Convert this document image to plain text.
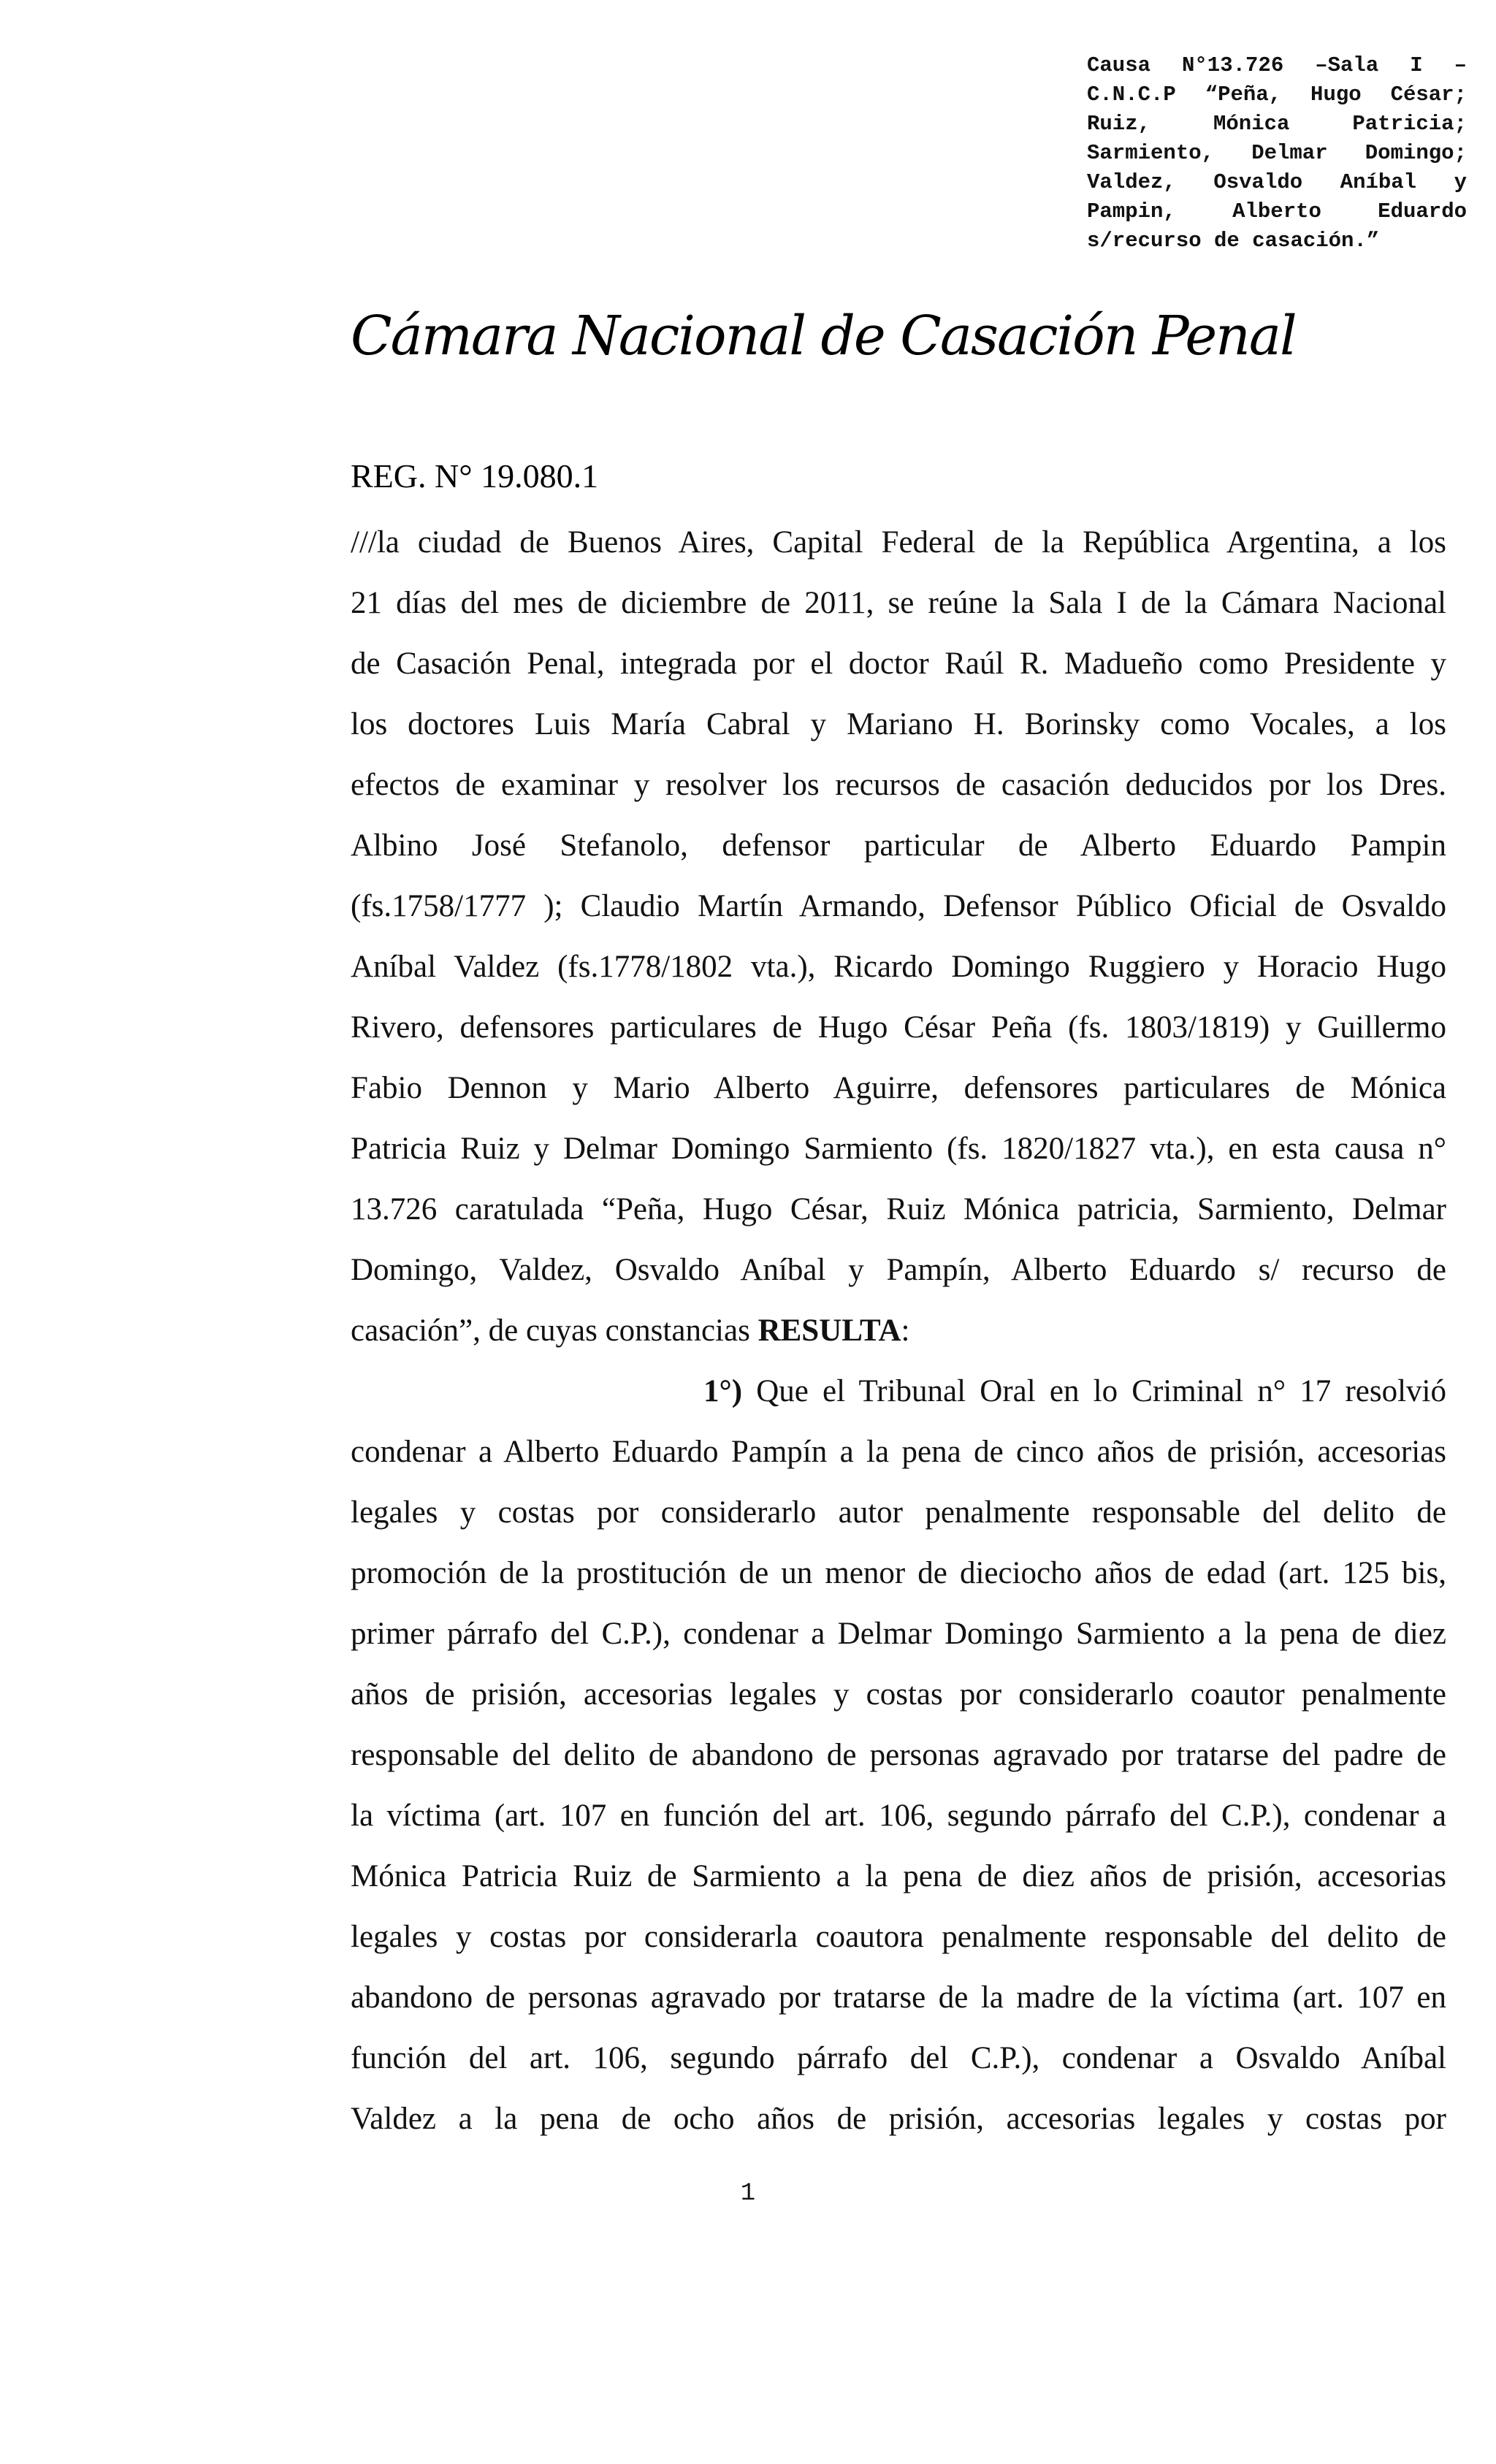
Causa N°13.726 –Sala I –
C.N.C.P “Peña, Hugo César;
Ruiz, Mónica Patricia;
Sarmiento, Delmar Domingo;
Valdez, Osvaldo Aníbal y
Pampin, Alberto Eduardo
s/recurso de casación.”
Cámara Nacional de Casación Penal
REG. N° 19.080.1
///la ciudad de Buenos Aires, Capital Federal de la República Argentina, a los
21 días del mes de diciembre de 2011, se reúne la Sala I de la Cámara Nacional
de Casación Penal, integrada por el doctor Raúl R. Madueño como Presidente y
los doctores Luis María Cabral y Mariano H. Borinsky como Vocales, a los
efectos de examinar y resolver los recursos de casación deducidos por los Dres.
Albino José Stefanolo, defensor particular de Alberto Eduardo Pampin
(fs.1758/1777 ); Claudio Martín Armando, Defensor Público Oficial de Osvaldo
Aníbal Valdez (fs.1778/1802 vta.), Ricardo Domingo Ruggiero y Horacio Hugo
Rivero, defensores particulares de Hugo César Peña (fs. 1803/1819) y Guillermo
Fabio Dennon y Mario Alberto Aguirre, defensores particulares de Mónica
Patricia Ruiz y Delmar Domingo Sarmiento (fs. 1820/1827 vta.), en esta causa n°
13.726 caratulada “Peña, Hugo César, Ruiz Mónica patricia, Sarmiento, Delmar
Domingo, Valdez, Osvaldo Aníbal y Pampín, Alberto Eduardo s/ recurso de
casación”, de cuyas constancias RESULTA:
1°) Que el Tribunal Oral en lo Criminal n° 17 resolvió
condenar a Alberto Eduardo Pampín a la pena de cinco años de prisión, accesorias
legales y costas por considerarlo autor penalmente responsable del delito de
promoción de la prostitución de un menor de dieciocho años de edad (art. 125 bis,
primer párrafo del C.P.), condenar a Delmar Domingo Sarmiento a la pena de diez
años de prisión, accesorias legales y costas por considerarlo coautor penalmente
responsable del delito de abandono de personas agravado por tratarse del padre de
la víctima (art. 107 en función del art. 106, segundo párrafo del C.P.), condenar a
Mónica Patricia Ruiz de Sarmiento a la pena de diez años de prisión, accesorias
legales y costas por considerarla coautora penalmente responsable del delito de
abandono de personas agravado por tratarse de la madre de la víctima (art. 107 en
función del art. 106, segundo párrafo del C.P.), condenar a Osvaldo Aníbal
Valdez a la pena de ocho años de prisión, accesorias legales y costas por
1
